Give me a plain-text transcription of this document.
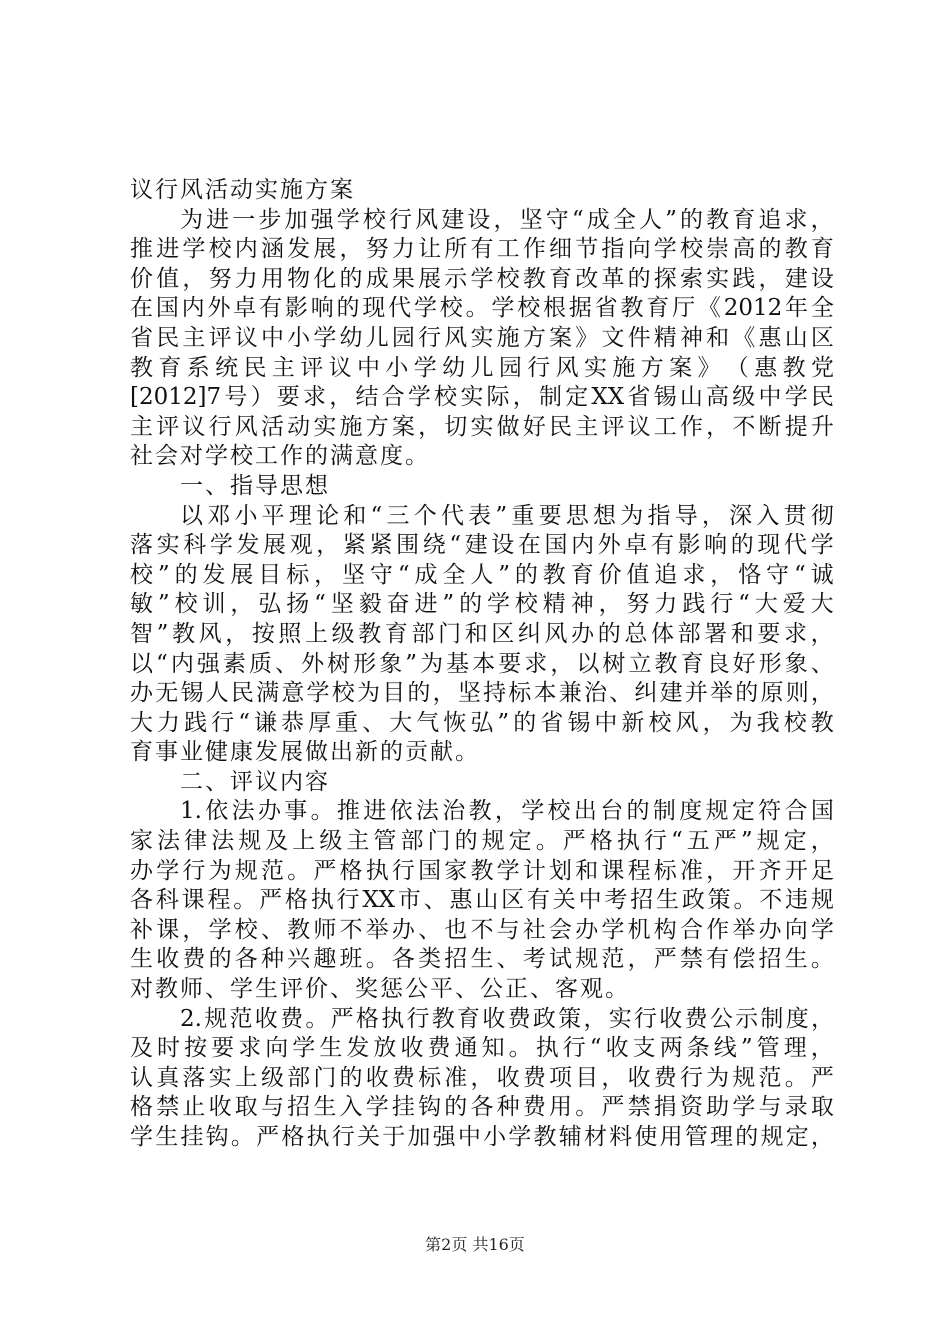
议 行 风 活 动 实 施 方 案
为 进 一 步 加 强 学 校 行 风 建 设 ， 坚 守 “ 成 全 人 ” 的 教 育 追 求 ，
推 进 学 校 内 涵 发 展 ， 努 力 让 所 有 工 作 细 节 指 向 学 校 崇 高 的 教 育
价 值 ， 努 力 用 物 化 的 成 果 展 示 学 校 教 育 改 革 的 探 索 实 践 ， 建 设
在 国 内 外 卓 有 影 响 的 现 代 学 校 。 学 校 根 据 省 教 育 厅 《 2012 年 全
省 民 主 评 议 中 小 学 幼 儿 园 行 风 实 施 方 案 》 文 件 精 神 和 《 惠 山 区
教 育 系 统 民 主 评 议 中 小 学 幼 儿 园 行 风 实 施 方 案 》 （ 惠 教 党
[2012]7 号 ） 要 求 ， 结 合 学 校 实 际 ， 制 定 XX 省 锡 山 高 级 中 学 民
主 评 议 行 风 活 动 实 施 方 案 ， 切 实 做 好 民 主 评 议 工 作 ， 不 断 提 升
社 会 对 学 校 工 作 的 满 意 度 。
一 、 指 导 思 想
以 邓 小 平 理 论 和 “ 三 个 代 表 ” 重 要 思 想 为 指 导 ， 深 入 贯 彻
落 实 科 学 发 展 观 ， 紧 紧 围 绕 “ 建 设 在 国 内 外 卓 有 影 响 的 现 代 学
校 ” 的 发 展 目 标 ， 坚 守 “ 成 全 人 ” 的 教 育 价 值 追 求 ， 恪 守 “ 诚
敏 ” 校 训 ， 弘 扬 “ 坚 毅 奋 进 ” 的 学 校 精 神 ， 努 力 践 行 “ 大 爱 大
智 ” 教 风 ， 按 照 上 级 教 育 部 门 和 区 纠 风 办 的 总 体 部 署 和 要 求 ，
以 “ 内 强 素 质 、 外 树 形 象 ” 为 基 本 要 求 ， 以 树 立 教 育 良 好 形 象 、
办 无 锡 人 民 满 意 学 校 为 目 的 ， 坚 持 标 本 兼 治 、 纠 建 并 举 的 原 则 ，
大 力 践 行 “ 谦 恭 厚 重 、 大 气 恢 弘 ” 的 省 锡 中 新 校 风 ， 为 我 校 教
育 事 业 健 康 发 展 做 出 新 的 贡 献 。
二 、 评 议 内 容
1. 依 法 办 事 。 推 进 依 法 治 教 ， 学 校 出 台 的 制 度 规 定 符 合 国
家 法 律 法 规 及 上 级 主 管 部 门 的 规 定 。 严 格 执 行 “ 五 严 ” 规 定 ，
办 学 行 为 规 范 。 严 格 执 行 国 家 教 学 计 划 和 课 程 标 准 ， 开 齐 开 足
各 科 课 程 。 严 格 执 行 XX 市 、 惠 山 区 有 关 中 考 招 生 政 策 。 不 违 规
补 课 ， 学 校 、 教 师 不 举 办 、 也 不 与 社 会 办 学 机 构 合 作 举 办 向 学
生 收 费 的 各 种 兴 趣 班 。 各 类 招 生 、 考 试 规 范 ， 严 禁 有 偿 招 生 。
对 教 师 、 学 生 评 价 、 奖 惩 公 平 、 公 正 、 客 观 。
2. 规 范 收 费 。 严 格 执 行 教 育 收 费 政 策 ， 实 行 收 费 公 示 制 度 ，
及 时 按 要 求 向 学 生 发 放 收 费 通 知 。 执 行 “ 收 支 两 条 线 ” 管 理 ，
认 真 落 实 上 级 部 门 的 收 费 标 准 ， 收 费 项 目 ， 收 费 行 为 规 范 。 严
格 禁 止 收 取 与 招 生 入 学 挂 钩 的 各 种 费 用 。 严 禁 捐 资 助 学 与 录 取
学 生 挂 钩 。 严 格 执 行 关 于 加 强 中 小 学 教 辅 材 料 使 用 管 理 的 规 定 ，
第2页 共16页
